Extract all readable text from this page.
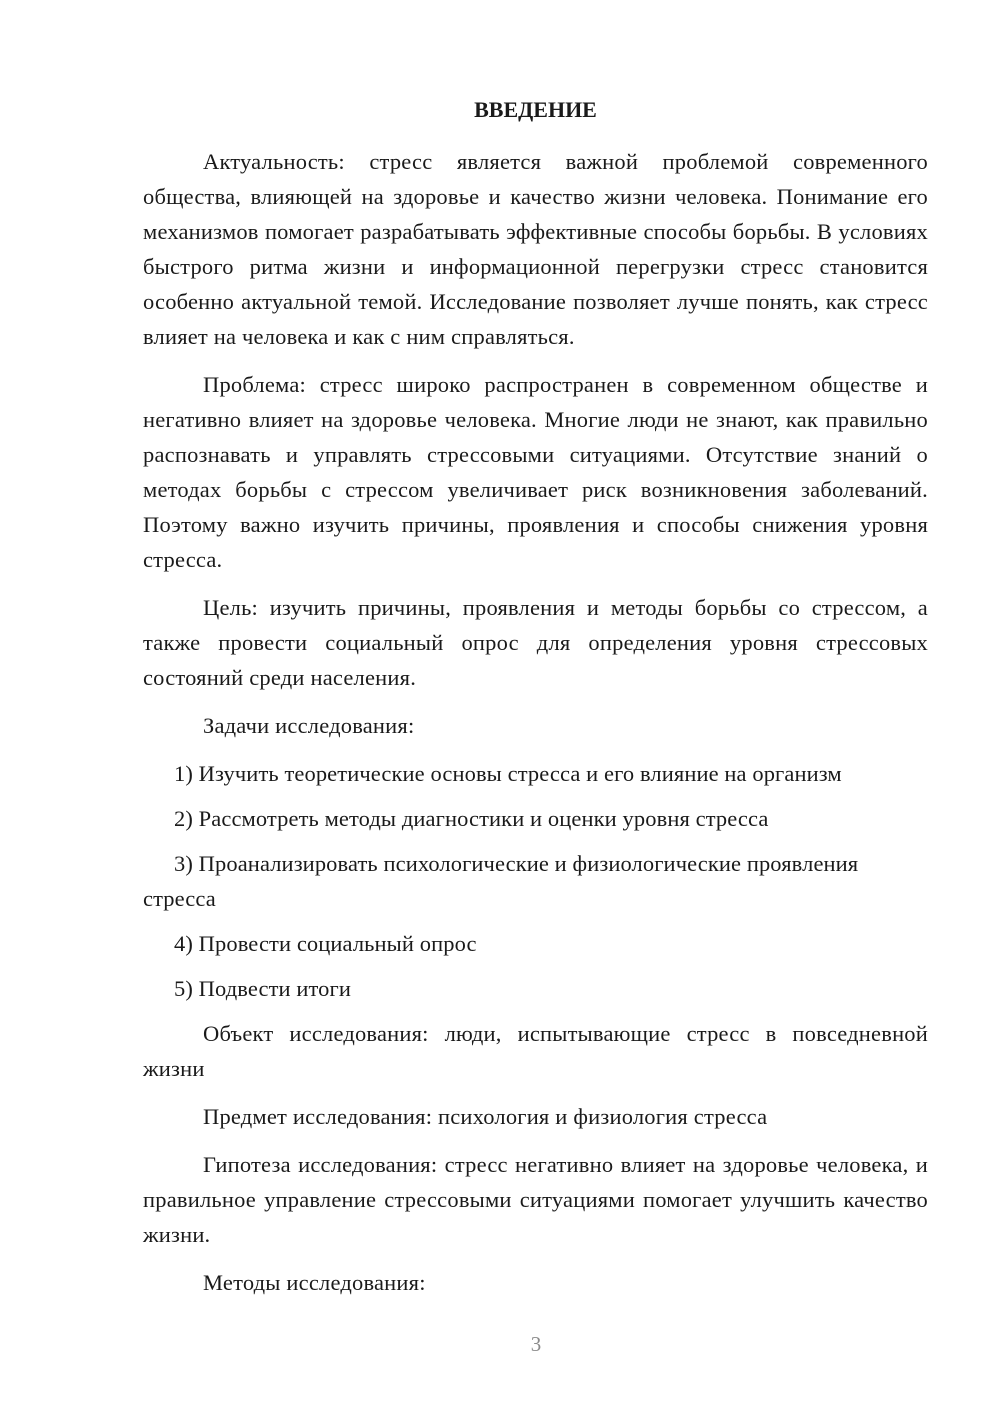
ВВЕДЕНИЕ

Актуальность: стресс является важной проблемой современного общества, влияющей на здоровье и качество жизни человека. Понимание его механизмов помогает разрабатывать эффективные способы борьбы. В условиях быстрого ритма жизни и информационной перегрузки стресс становится особенно актуальной темой. Исследование позволяет лучше понять, как стресс влияет на человека и как с ним справляться.

Проблема: стресс широко распространен в современном обществе и негативно влияет на здоровье человека. Многие люди не знают, как правильно распознавать и управлять стрессовыми ситуациями. Отсутствие знаний о методах борьбы с стрессом увеличивает риск возникновения заболеваний. Поэтому важно изучить причины, проявления и способы снижения уровня стресса.

Цель: изучить причины, проявления и методы борьбы со стрессом, а также провести социальный опрос для определения уровня стрессовых состояний среди населения.

Задачи исследования:

1) Изучить теоретические основы стресса и его влияние на организм

2) Рассмотреть методы диагностики и оценки уровня стресса

3) Проанализировать психологические и физиологические проявления стресса

4) Провести социальный опрос

5) Подвести итоги

Объект исследования: люди, испытывающие стресс в повседневной жизни

Предмет исследования: психология и физиология стресса

Гипотеза исследования: стресс негативно влияет на здоровье человека, и правильное управление стрессовыми ситуациями помогает улучшить качество жизни.

Методы исследования:

3
